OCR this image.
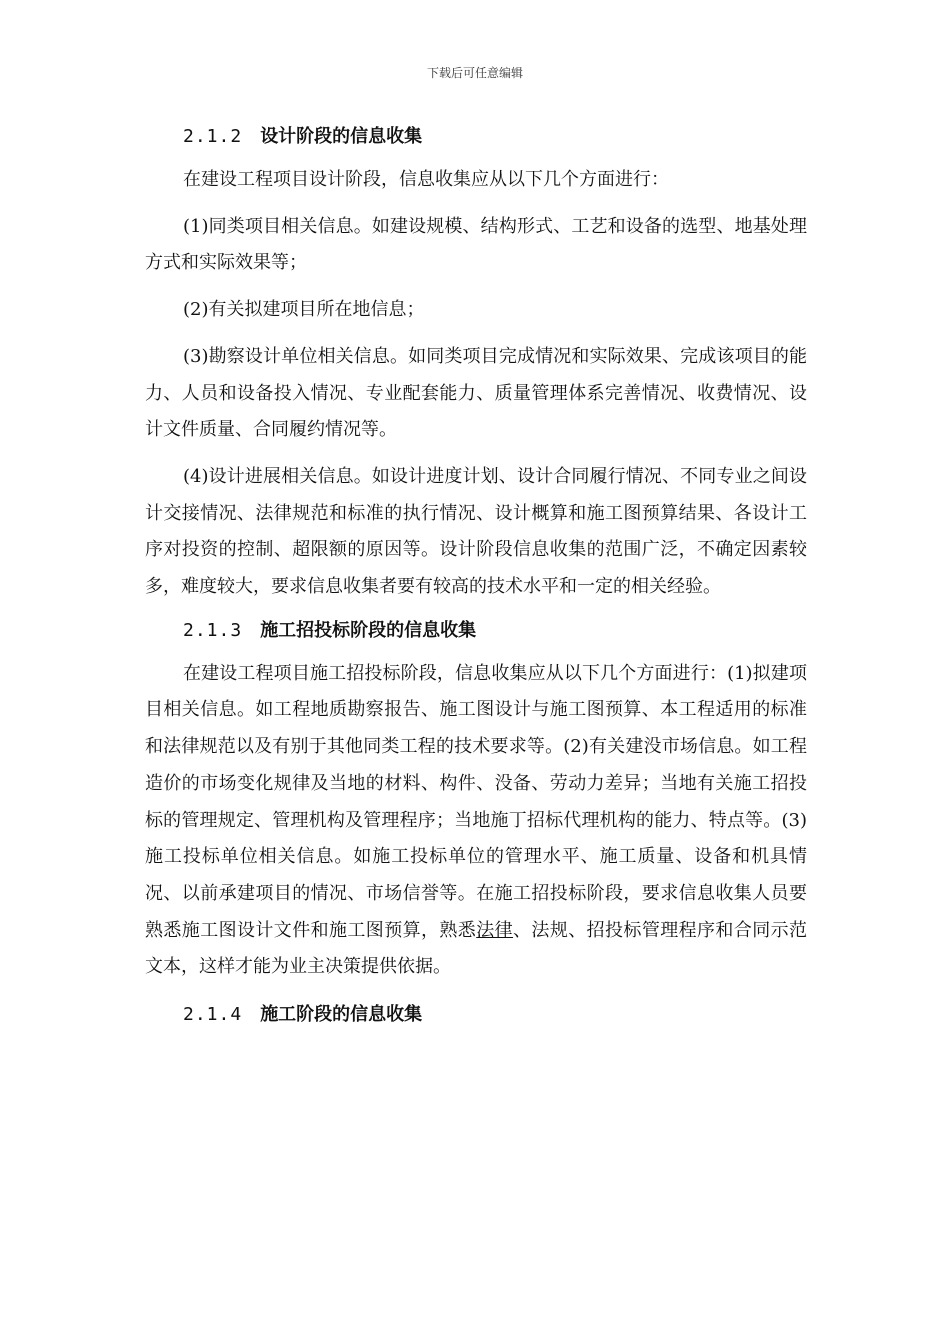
下载后可任意编辑
2.1.2 设计阶段的信息收集

在建设工程项目设计阶段，信息收集应从以下几个方面进行：

(1)同类项目相关信息。如建设规模、结构形式、工艺和设备的选型、地基处理方式和实际效果等；

(2)有关拟建项目所在地信息；

(3)勘察设计单位相关信息。如同类项目完成情况和实际效果、完成该项目的能力、人员和设备投入情况、专业配套能力、质量管理体系完善情况、收费情况、设计文件质量、合同履约情况等。

(4)设计进展相关信息。如设计进度计划、设计合同履行情况、不同专业之间设计交接情况、法律规范和标准的执行情况、设计概算和施工图预算结果、各设计工序对投资的控制、超限额的原因等。设计阶段信息收集的范围广泛，不确定因素较多，难度较大，要求信息收集者要有较高的技术水平和一定的相关经验。

2.1.3 施工招投标阶段的信息收集

在建设工程项目施工招投标阶段，信息收集应从以下几个方面进行：(1)拟建项目相关信息。如工程地质勘察报告、施工图设计与施工图预算、本工程适用的标准和法律规范以及有别于其他同类工程的技术要求等。(2)有关建没市场信息。如工程造价的市场变化规律及当地的材料、构件、没备、劳动力差异；当地有关施工招投标的管理规定、管理机构及管理程序；当地施丁招标代理机构的能力、特点等。(3)施工投标单位相关信息。如施工投标单位的管理水平、施工质量、设备和机具情况、以前承建项目的情况、市场信誉等。在施工招投标阶段，要求信息收集人员要熟悉施工图设计文件和施工图预算，熟悉法律、法规、招投标管理程序和合同示范文本，这样才能为业主决策提供依据。

2.1.4 施工阶段的信息收集
